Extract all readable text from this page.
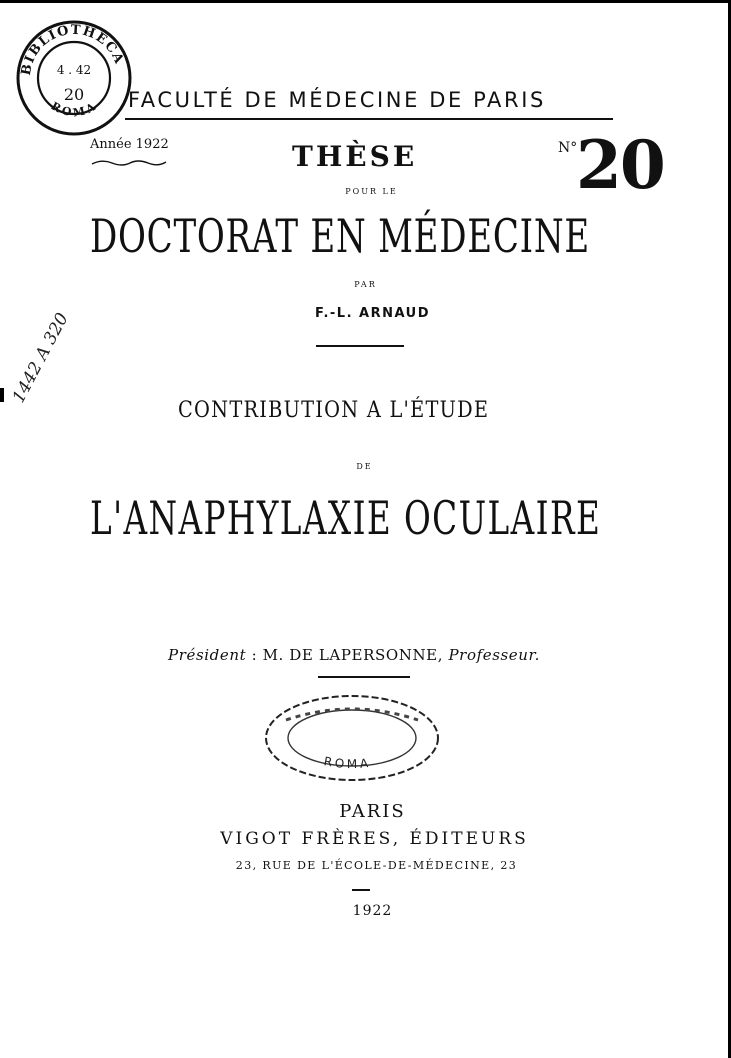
BIBLIOTHECA
ROMA
4 . 42
20 FACULTÉ DE MÉDECINE DE PARIS
Année 1922	THÈSE	N°
20
POUR LE
DOCTORAT EN MÉDECINE
PAR
F.-L. ARNAUD
1442 A 320
CONTRIBUTION A L'ÉTUDE
DE
L'ANAPHYLAXIE OCULAIRE
Président : M. DE LAPERSONNE, Professeur.
ROMA
PARIS
VIGOT FRÈRES, ÉDITEURS
23, RUE DE L'ÉCOLE-DE-MÉDECINE, 23
1922
